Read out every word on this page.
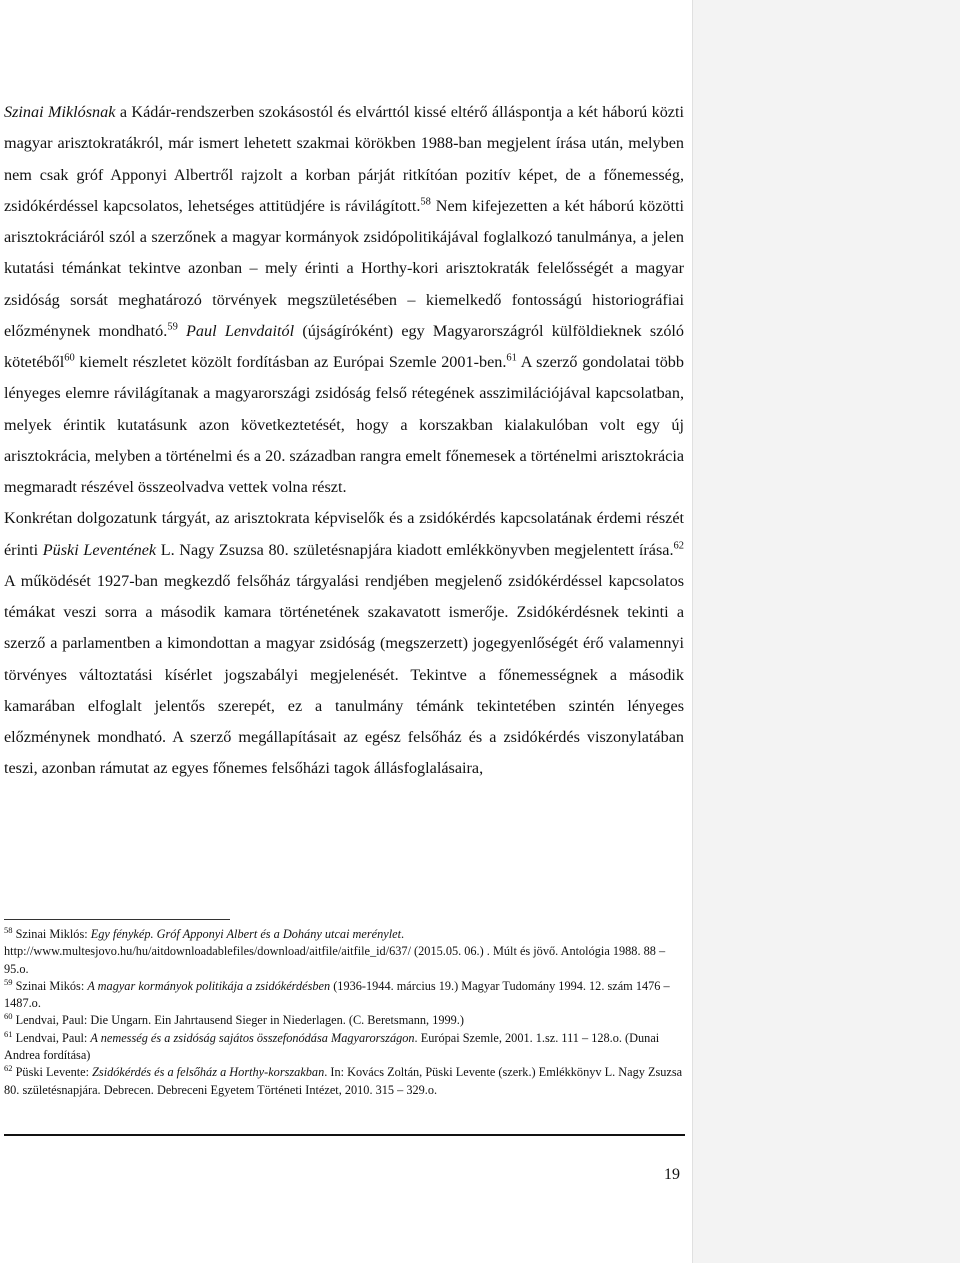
Szinai Miklósnak a Kádár-rendszerben szokásostól és elvárttól kissé eltérő álláspontja a két háború közti magyar arisztokratákról, már ismert lehetett szakmai körökben 1988-ban megjelent írása után, melyben nem csak gróf Apponyi Albertről rajzolt a korban párját ritkítóan pozitív képet, de a főnemesség, zsidókérdéssel kapcsolatos, lehetséges attitüdjére is rávilágított.$^{58}$ Nem kifejezetten a két háború közötti arisztokráciáról szól a szerzőnek a magyar kormányok zsidópolitikájával foglalkozó tanulmánya, a jelen kutatási témánkat tekintve azonban – mely érinti a Horthy-kori arisztokraták felelősségét a magyar zsidóság sorsát meghatározó törvények megszületésében – kiemelkedő fontosságú historiográfiai előzménynek mondható.$^{59}$ Paul Lenvdaitól (újságíróként) egy Magyarországról külföldieknek szóló kötetéből$^{60}$ kiemelt részletet közölt fordításban az Európai Szemle 2001-ben.$^{61}$ A szerző gondolatai több lényeges elemre rávilágítanak a magyarországi zsidóság felső rétegének asszimilációjával kapcsolatban, melyek érintik kutatásunk azon következtetését, hogy a korszakban kialakulóban volt egy új arisztokrácia, melyben a történelmi és a 20. században rangra emelt főnemesek a történelmi arisztokrácia megmaradt részével összeolvadva vettek volna részt.

Konkrétan dolgozatunk tárgyát, az arisztokrata képviselők és a zsidókérdés kapcsolatának érdemi részét érinti Püski Leventének L. Nagy Zsuzsa 80. születésnapjára kiadott emlékkönyvben megjelentett írása.$^{62}$ A működését 1927-ban megkezdő felsőház tárgyalási rendjében megjelenő zsidókérdéssel kapcsolatos témákat veszi sorra a második kamara történetének szakavatott ismerője. Zsidókérdésnek tekinti a szerző a parlamentben a kimondottan a magyar zsidóság (megszerzett) jogegyenlőségét érő valamennyi törvényes változtatási kísérlet jogszabályi megjelenését. Tekintve a főnemességnek a második kamarában elfoglalt jelentős szerepét, ez a tanulmány témánk tekintetében szintén lényeges előzménynek mondható. A szerző megállapításait az egész felsőház és a zsidókérdés viszonylatában teszi, azonban rámutat az egyes főnemes felsőházi tagok állásfoglalásaira,

$^{58}$ Szinai Miklós: Egy fénykép. Gróf Apponyi Albert és a Dohány utcai merénylet. http://www.multesjovo.hu/hu/aitdownloadablefiles/download/aitfile/aitfile_id/637/ (2015.05. 06.) . Múlt és jövő. Antológia 1988. 88 – 95.o.
$^{59}$ Szinai Mikós: A magyar kormányok politikája a zsidókérdésben (1936-1944. március 19.) Magyar Tudomány 1994. 12. szám 1476 – 1487.o.
$^{60}$ Lendvai, Paul: Die Ungarn. Ein Jahrtausend Sieger in Niederlagen. (C. Beretsmann, 1999.)
$^{61}$ Lendvai, Paul: A nemesség és a zsidóság sajátos összefonódása Magyarországon. Európai Szemle, 2001. 1.sz. 111 – 128.o. (Dunai Andrea fordítása)
$^{62}$ Püski Levente: Zsidókérdés és a felsőház a Horthy-korszakban. In: Kovács Zoltán, Püski Levente (szerk.) Emlékkönyv L. Nagy Zsuzsa 80. születésnapjára. Debrecen. Debreceni Egyetem Történeti Intézet, 2010. 315 – 329.o.
19
